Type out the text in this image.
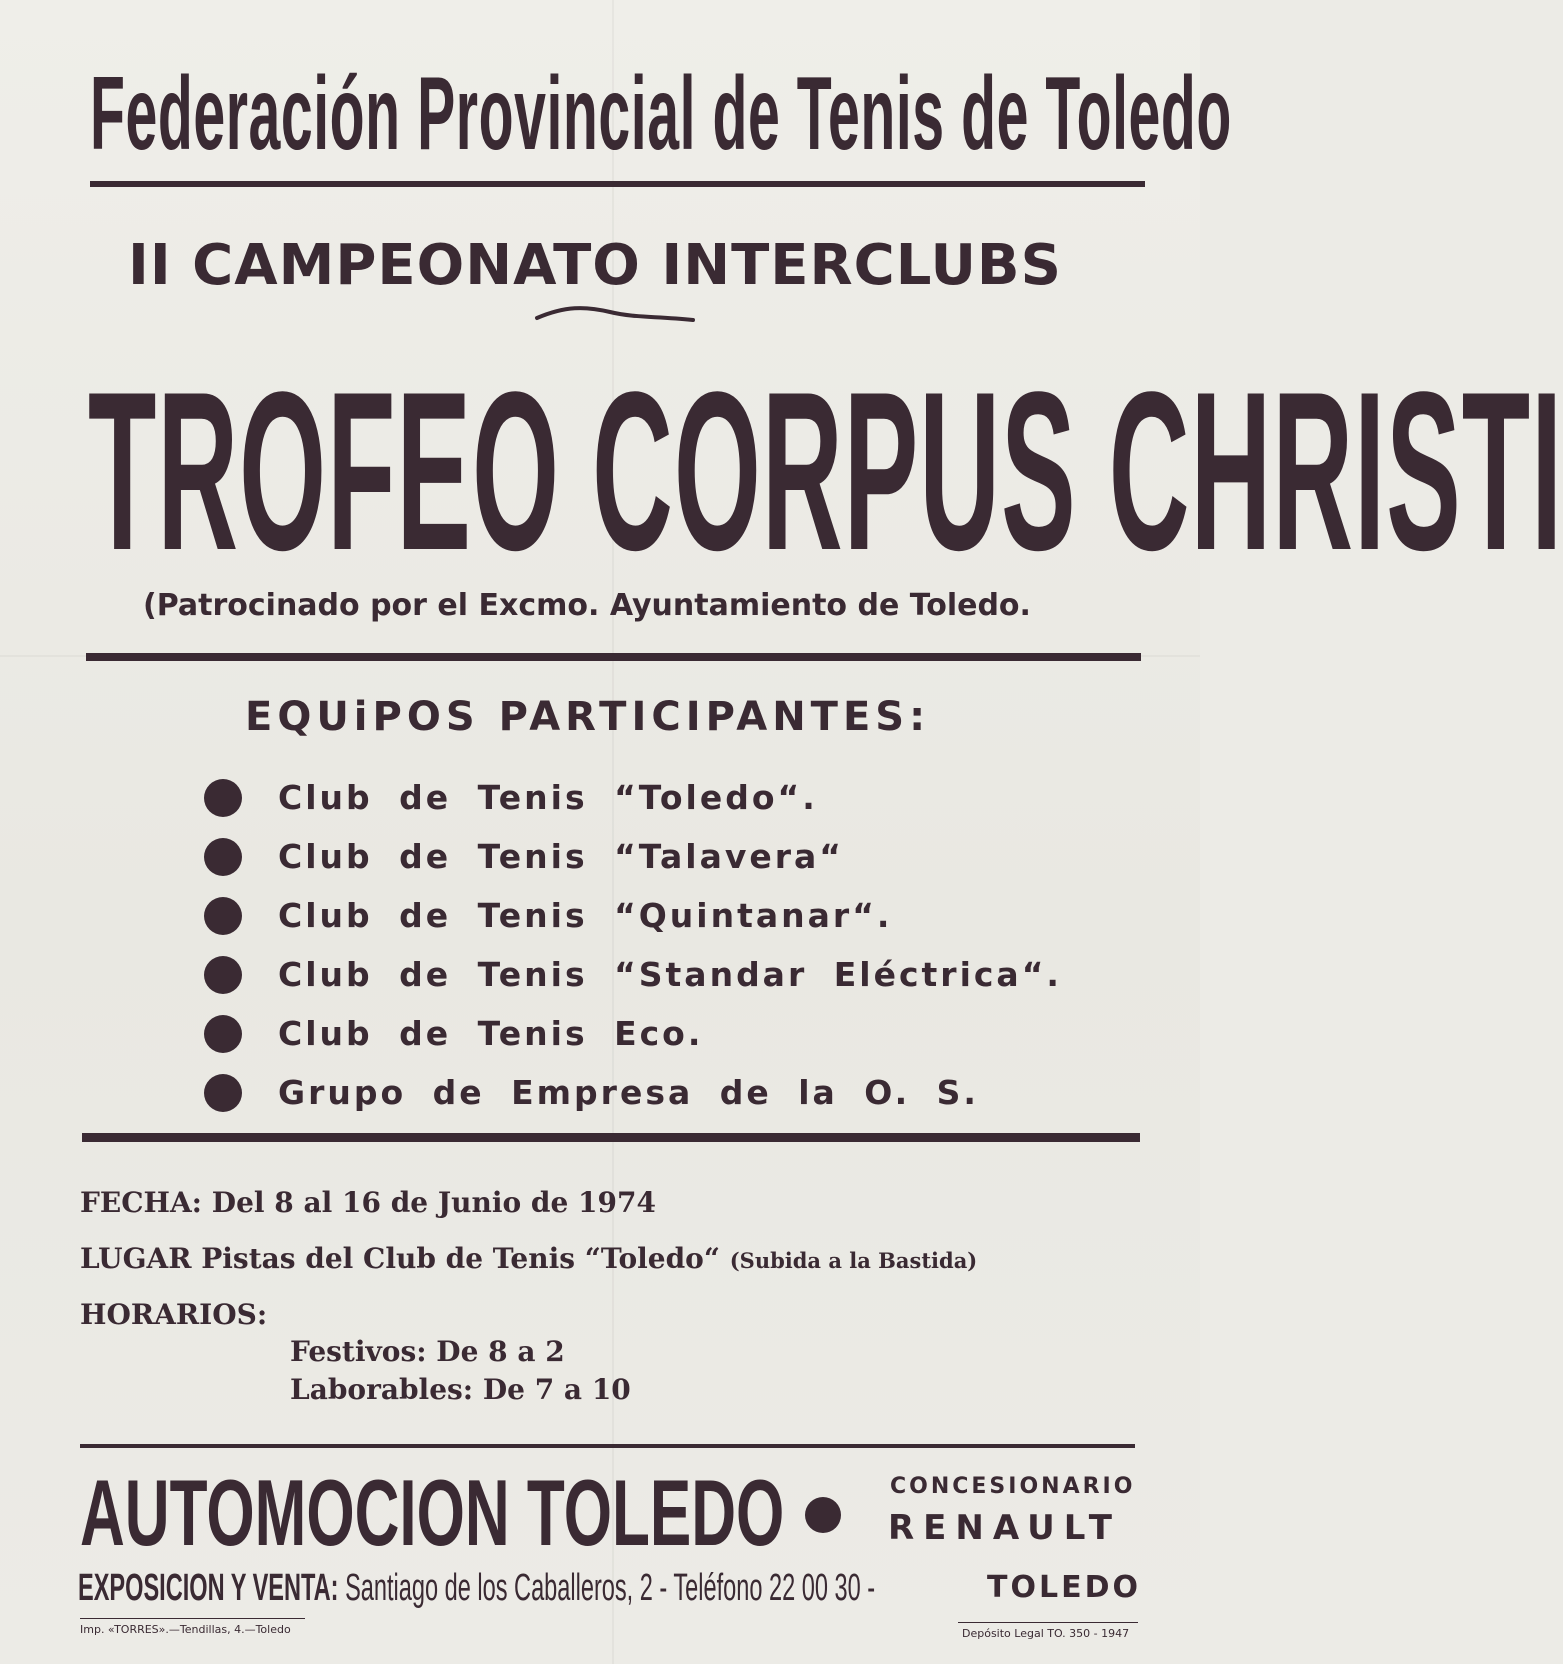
Federación Provincial de Tenis de Toledo
II CAMPEONATO INTERCLUBS
TROFEO CORPUS CHRISTI
(Patrocinado por el Excmo. Ayuntamiento de Toledo.
EQUiPOS PARTICIPANTES:
Club de Tenis “Toledo“.
Club de Tenis “Talavera“
Club de Tenis “Quintanar“.
Club de Tenis “Standar Eléctrica“.
Club de Tenis Eco.
Grupo de Empresa de la O. S.
FECHA: Del 8 al 16 de Junio de 1974
LUGAR Pistas del Club de Tenis “Toledo“ (Subida a la Bastida)
HORARIOS:
Festivos: De 8 a 2
Laborables: De 7 a 10
AUTOMOCION TOLEDO	CONCESIONARIO
RENAULT
EXPOSICION Y VENTA: Santiago de los Caballeros, 2 - Teléfono 22 00 30 -	TOLEDO
Imp. «TORRES».—Tendillas, 4.—Toledo	Depósito Legal TO. 350 - 1947
